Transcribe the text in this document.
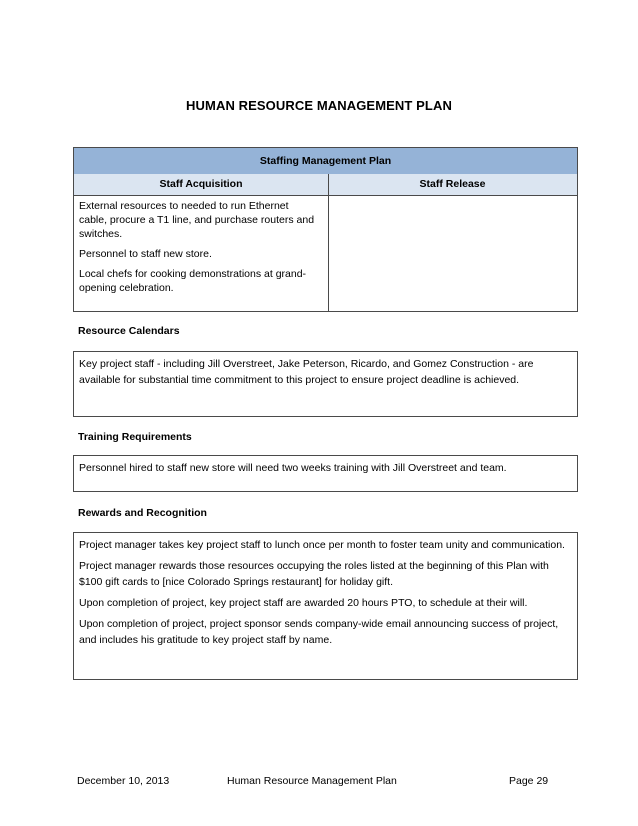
HUMAN RESOURCE MANAGEMENT PLAN
Staffing Management Plan
Staff Acquisition	Staff Release

External resources to needed to run Ethernet cable, procure a T1 line, and purchase routers and switches.

Personnel to staff new store.

Local chefs for cooking demonstrations at grand-opening celebration.

Resource Calendars

Key project staff - including Jill Overstreet, Jake Peterson, Ricardo, and Gomez Construction - are available for substantial time commitment to this project to ensure project deadline is achieved.

Training Requirements

Personnel hired to staff new store will need two weeks training with Jill Overstreet and team.

Rewards and Recognition

Project manager takes key project staff to lunch once per month to foster team unity and communication.

Project manager rewards those resources occupying the roles listed at the beginning of this Plan with $100 gift cards to [nice Colorado Springs restaurant] for holiday gift.

Upon completion of project, key project staff are awarded 20 hours PTO, to schedule at their will.

Upon completion of project, project sponsor sends company-wide email announcing success of project, and includes his gratitude to key project staff by name.

December 10, 2013	Human Resource Management Plan	Page 29
